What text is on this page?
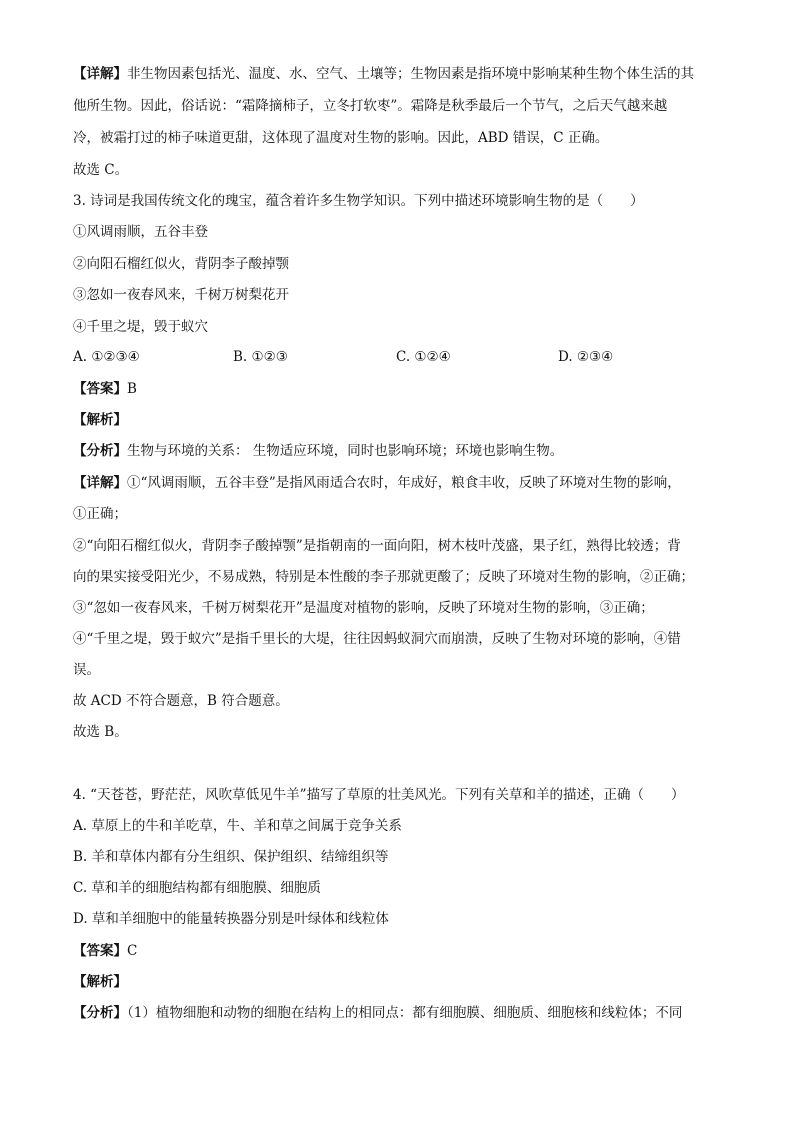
【详解】非生物因素包括光、温度、水、空气、土壤等；生物因素是指环境中影响某种生物个体生活的其
他所生物。因此，俗话说：“霜降摘柿子，立冬打软枣”。霜降是秋季最后一个节气，之后天气越来越
冷，被霜打过的柿子味道更甜，这体现了温度对生物的影响。因此，ABD 错误，C 正确。
故选 C。
3. 诗词是我国传统文化的瑰宝，蕴含着许多生物学知识。下列中描述环境影响生物的是（　　）
①风调雨顺，五谷丰登
②向阳石榴红似火，背阴李子酸掉颚
③忽如一夜春风来，千树万树梨花开
④千里之堤，毁于蚁穴
A. ①②③④	B. ①②③	C. ①②④	D. ②③④
【答案】B
【解析】
【分析】生物与环境的关系： 生物适应环境，同时也影响环境；环境也影响生物。
【详解】①“风调雨顺，五谷丰登”是指风雨适合农时，年成好，粮食丰收，反映了环境对生物的影响，
①正确；
②“向阳石榴红似火，背阴李子酸掉颚”是指朝南的一面向阳，树木枝叶茂盛，果子红，熟得比较透；背
向的果实接受阳光少，不易成熟，特别是本性酸的李子那就更酸了；反映了环境对生物的影响，②正确；
③“忽如一夜春风来，千树万树梨花开”是温度对植物的影响，反映了环境对生物的影响，③正确；
④“千里之堤，毁于蚁穴”是指千里长的大堤，往往因蚂蚁洞穴而崩溃，反映了生物对环境的影响，④错
误。
故 ACD 不符合题意，B 符合题意。
故选 B。
4. “天苍苍，野茫茫，风吹草低见牛羊”描写了草原的壮美风光。下列有关草和羊的描述，正确（　　）
A. 草原上的牛和羊吃草，牛、羊和草之间属于竞争关系
B. 羊和草体内都有分生组织、保护组织、结缔组织等
C. 草和羊的细胞结构都有细胞膜、细胞质
D. 草和羊细胞中的能量转换器分别是叶绿体和线粒体
【答案】C
【解析】
【分析】（1）植物细胞和动物的细胞在结构上的相同点：都有细胞膜、细胞质、细胞核和线粒体；不同
